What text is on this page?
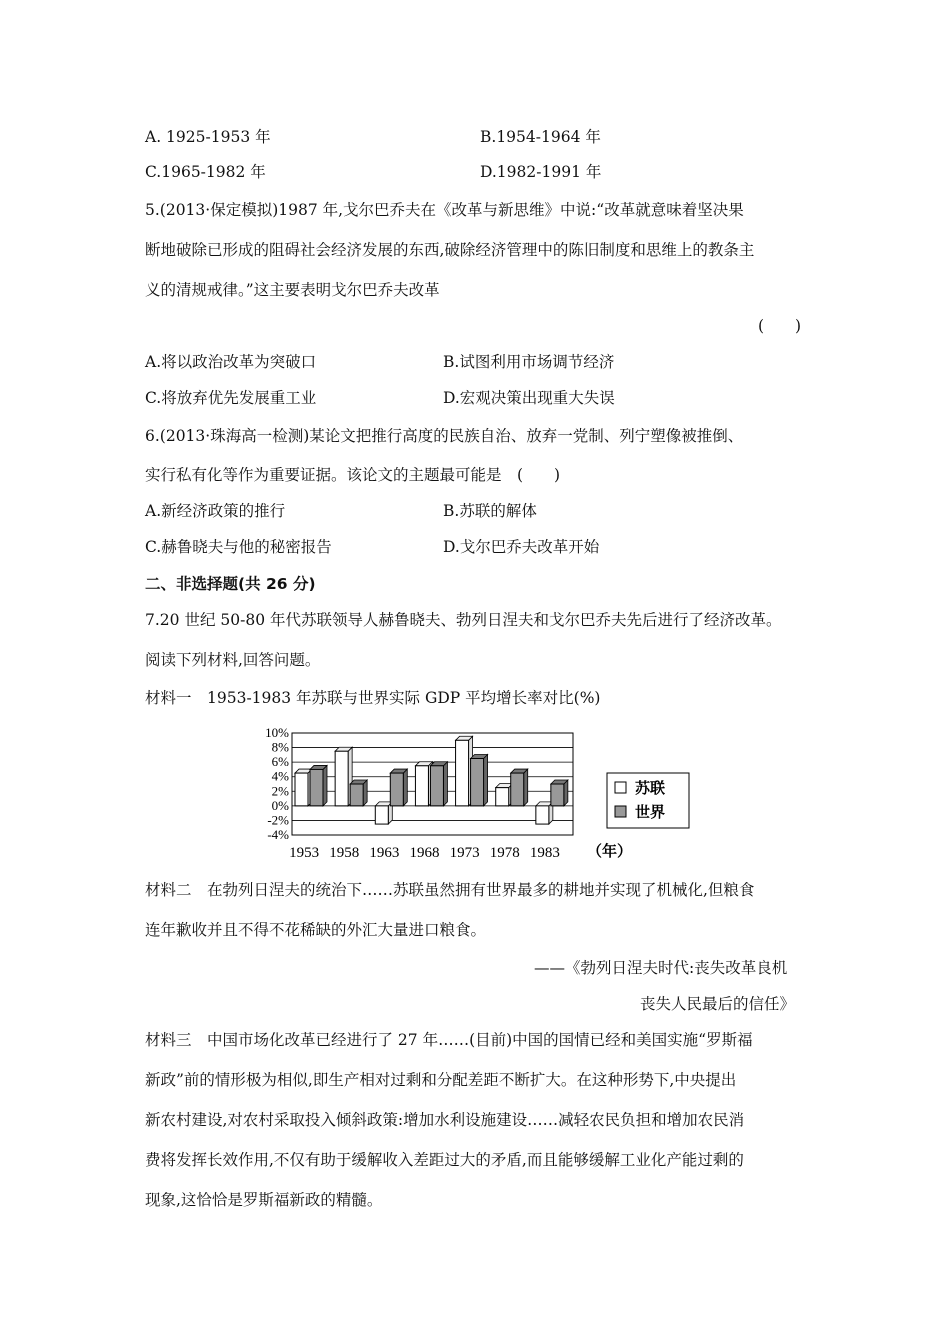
A. 1925-1953 年	B.1954-1964 年
C.1965-1982 年	D.1982-1991 年
5.(2013·保定模拟)1987 年,戈尔巴乔夫在《改革与新思维》中说:“改革就意味着坚决果
断地破除已形成的阻碍社会经济发展的东西,破除经济管理中的陈旧制度和思维上的教条主
义的清规戒律。”这主要表明戈尔巴乔夫改革
(　　)
A.将以政治改革为突破口	B.试图利用市场调节经济
C.将放弃优先发展重工业	D.宏观决策出现重大失误
6.(2013·珠海高一检测)某论文把推行高度的民族自治、放弃一党制、列宁塑像被推倒、
实行私有化等作为重要证据。该论文的主题最可能是　(　　)
A.新经济政策的推行	B.苏联的解体
C.赫鲁晓夫与他的秘密报告	D.戈尔巴乔夫改革开始
二、非选择题(共 26 分)
7.20 世纪 50-80 年代苏联领导人赫鲁晓夫、勃列日涅夫和戈尔巴乔夫先后进行了经济改革。
阅读下列材料,回答问题。
材料一　1953-1983 年苏联与世界实际 GDP 平均增长率对比(%)
10%
8%
6%
4%
2%
0%
-2%
-4%
1953 1958 1963 1968 1973 1978 1983 （年）
苏联
世界
材料二　在勃列日涅夫的统治下……苏联虽然拥有世界最多的耕地并实现了机械化,但粮食
连年歉收并且不得不花稀缺的外汇大量进口粮食。
——《勃列日涅夫时代:丧失改革良机
丧失人民最后的信任》
材料三　中国市场化改革已经进行了 27 年……(目前)中国的国情已经和美国实施“罗斯福
新政”前的情形极为相似,即生产相对过剩和分配差距不断扩大。在这种形势下,中央提出
新农村建设,对农村采取投入倾斜政策:增加水利设施建设……减轻农民负担和增加农民消
费将发挥长效作用,不仅有助于缓解收入差距过大的矛盾,而且能够缓解工业化产能过剩的
现象,这恰恰是罗斯福新政的精髓。
